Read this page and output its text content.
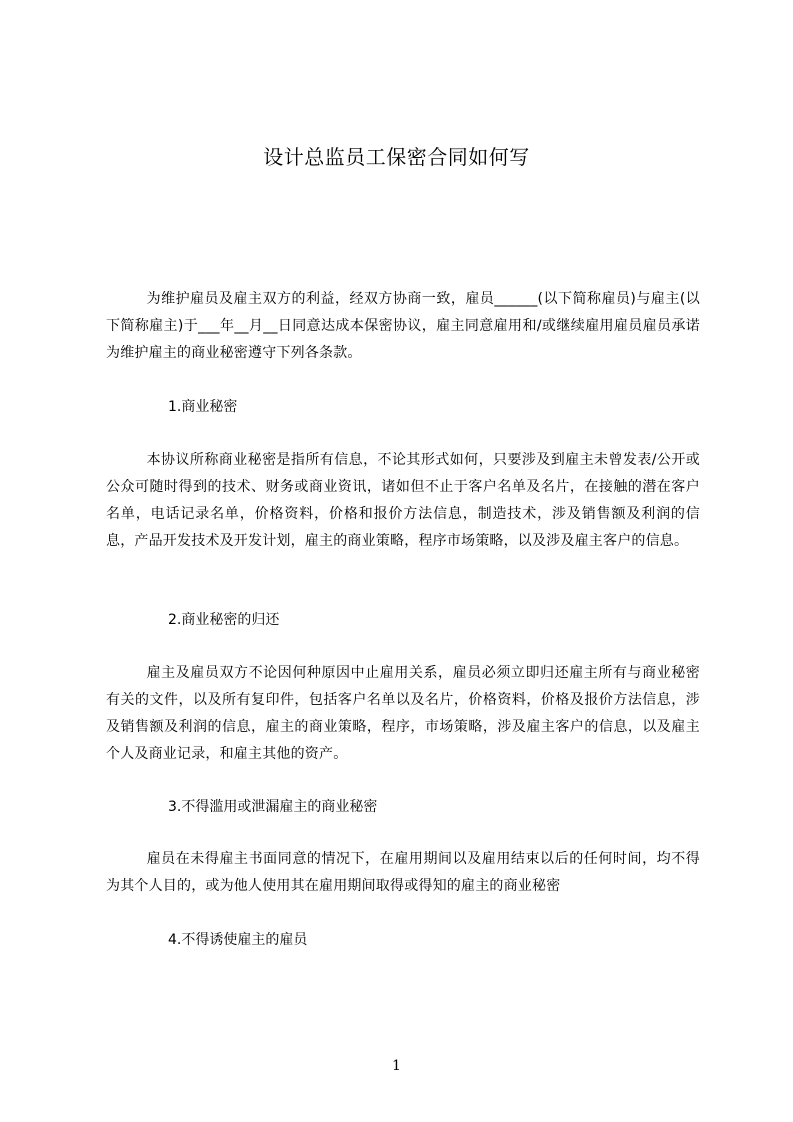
设计总监员工保密合同如何写
为维护雇员及雇主双方的利益，经双方协商一致，雇员______(以下简称雇员)与雇主(以下简称雇主)于___年__月__日同意达成本保密协议，雇主同意雇用和/或继续雇用雇员雇员承诺为维护雇主的商业秘密遵守下列各条款。
1.商业秘密
本协议所称商业秘密是指所有信息，不论其形式如何，只要涉及到雇主未曾发表/公开或公众可随时得到的技术、财务或商业资讯，诸如但不止于客户名单及名片，在接触的潜在客户名单，电话记录名单，价格资料，价格和报价方法信息，制造技术，涉及销售额及利润的信息，产品开发技术及开发计划，雇主的商业策略，程序市场策略，以及涉及雇主客户的信息。
2.商业秘密的归还
雇主及雇员双方不论因何种原因中止雇用关系，雇员必须立即归还雇主所有与商业秘密有关的文件，以及所有复印件，包括客户名单以及名片，价格资料，价格及报价方法信息，涉及销售额及利润的信息，雇主的商业策略，程序，市场策略，涉及雇主客户的信息，以及雇主个人及商业记录，和雇主其他的资产。
3.不得滥用或泄漏雇主的商业秘密
雇员在未得雇主书面同意的情况下，在雇用期间以及雇用结束以后的任何时间，均不得为其个人目的，或为他人使用其在雇用期间取得或得知的雇主的商业秘密
4.不得诱使雇主的雇员
1
